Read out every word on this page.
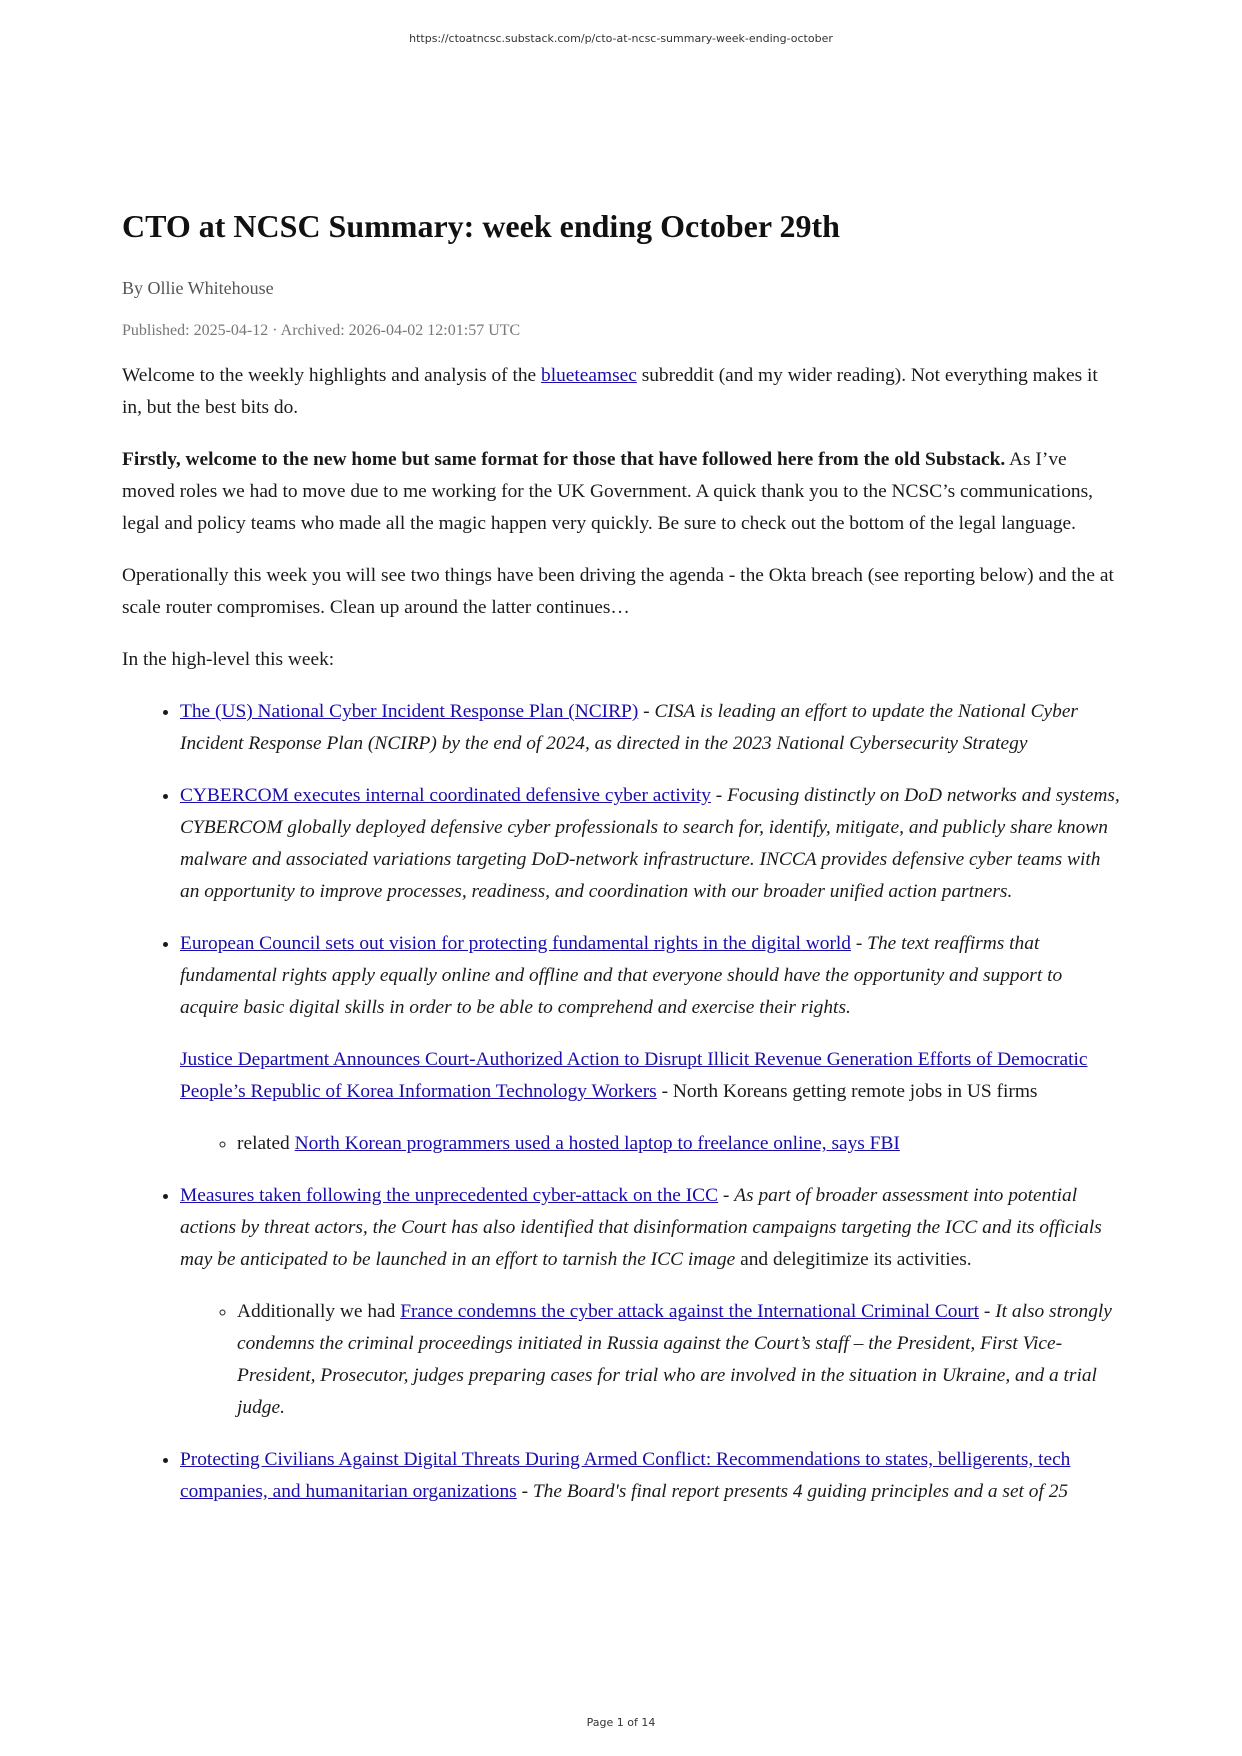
https://ctoatncsc.substack.com/p/cto-at-ncsc-summary-week-ending-october
CTO at NCSC Summary: week ending October 29th
By Ollie Whitehouse
Published: 2025-04-12 · Archived: 2026-04-02 12:01:57 UTC

Welcome to the weekly highlights and analysis of the blueteamsec subreddit (and my wider reading). Not everything makes it in, but the best bits do.

Firstly, welcome to the new home but same format for those that have followed here from the old Substack. As I’ve moved roles we had to move due to me working for the UK Government. A quick thank you to the NCSC’s communications, legal and policy teams who made all the magic happen very quickly. Be sure to check out the bottom of the legal language.

Operationally this week you will see two things have been driving the agenda - the Okta breach (see reporting below) and the at scale router compromises. Clean up around the latter continues…

In the high-level this week:

• The (US) National Cyber Incident Response Plan (NCIRP) - CISA is leading an effort to update the National Cyber Incident Response Plan (NCIRP) by the end of 2024, as directed in the 2023 National Cybersecurity Strategy
• CYBERCOM executes internal coordinated defensive cyber activity - Focusing distinctly on DoD networks and systems, CYBERCOM globally deployed defensive cyber professionals to search for, identify, mitigate, and publicly share known malware and associated variations targeting DoD-network infrastructure. INCCA provides defensive cyber teams with an opportunity to improve processes, readiness, and coordination with our broader unified action partners.
• European Council sets out vision for protecting fundamental rights in the digital world - The text reaffirms that fundamental rights apply equally online and offline and that everyone should have the opportunity and support to acquire basic digital skills in order to be able to comprehend and exercise their rights.
Justice Department Announces Court-Authorized Action to Disrupt Illicit Revenue Generation Efforts of Democratic People’s Republic of Korea Information Technology Workers - North Koreans getting remote jobs in US firms
◦ related North Korean programmers used a hosted laptop to freelance online, says FBI
• Measures taken following the unprecedented cyber-attack on the ICC - As part of broader assessment into potential actions by threat actors, the Court has also identified that disinformation campaigns targeting the ICC and its officials may be anticipated to be launched in an effort to tarnish the ICC image and delegitimize its activities.
◦ Additionally we had France condemns the cyber attack against the International Criminal Court - It also strongly condemns the criminal proceedings initiated in Russia against the Court’s staff – the President, First Vice-President, Prosecutor, judges preparing cases for trial who are involved in the situation in Ukraine, and a trial judge.
• Protecting Civilians Against Digital Threats During Armed Conflict: Recommendations to states, belligerents, tech companies, and humanitarian organizations - The Board's final report presents 4 guiding principles and a set of 25
Page 1 of 14
